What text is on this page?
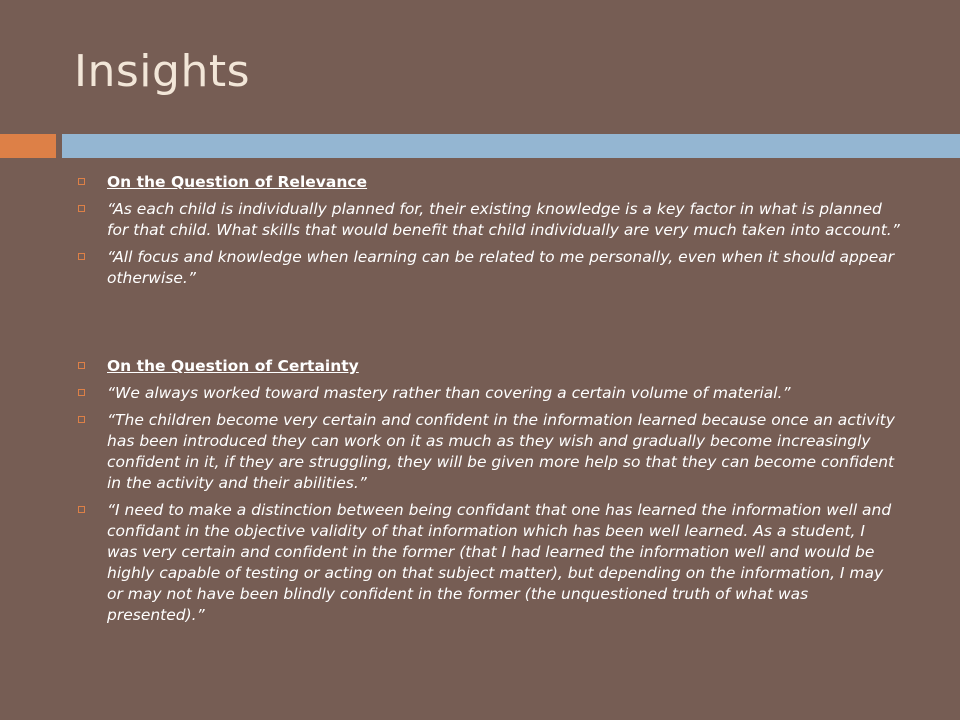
Insights
On the Question of Relevance
“As each child is individually planned for, their existing knowledge is a key factor in what is planned for that child. What skills that would benefit that child individually are very much taken into account.”
“All focus and knowledge when learning can be related to me personally, even when it should appear otherwise.”
On the Question of Certainty
“We always worked toward mastery rather than covering a certain volume of material.”
“The children become very certain and confident in the information learned because once an activity has been introduced they can work on it as much as they wish and gradually become increasingly confident in it, if they are struggling, they will be given more help so that they can become confident in the activity and their abilities.”
“I need to make a distinction between being confidant that one has learned the information well and confidant in the objective validity of that information which has been well learned. As a student, I was very certain and confident in the former (that I had learned the information well and would be highly capable of testing or acting on that subject matter), but depending on the information, I may or may not have been blindly confident in the former (the unquestioned truth of what was presented).”
